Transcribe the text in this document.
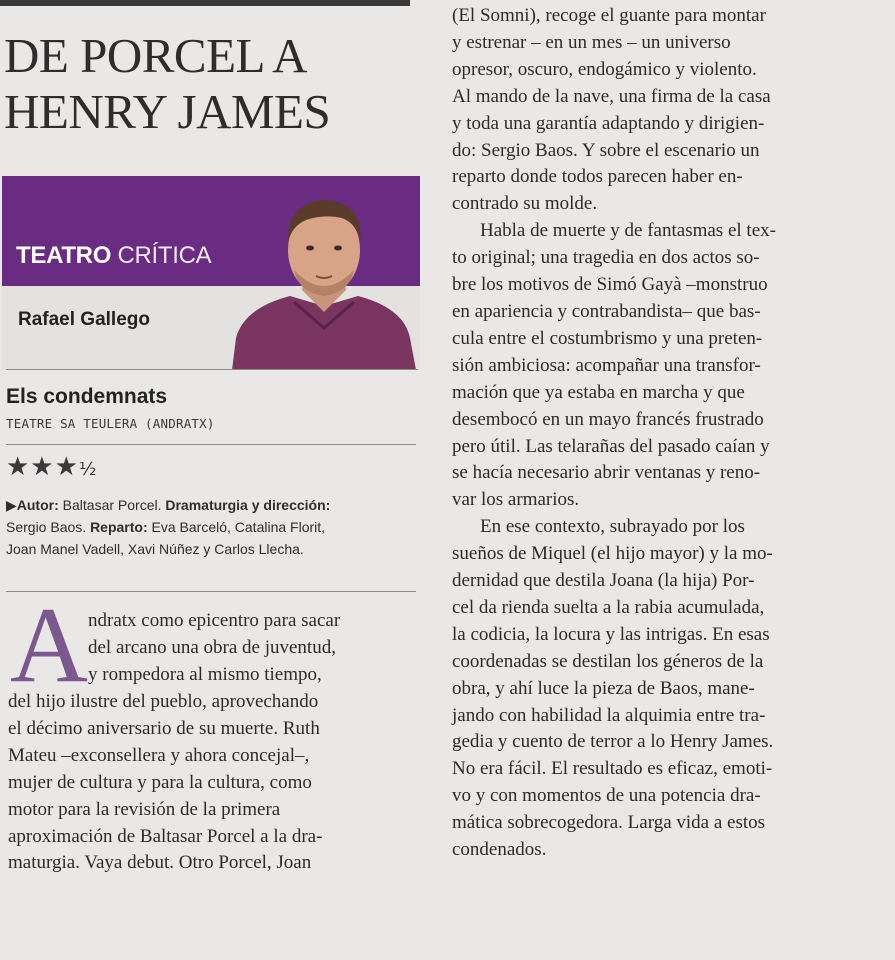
DE PORCEL A
HENRY JAMES
TEATRO CRÍTICA
Rafael Gallego
Els condemnats
TEATRE SA TEULERA (ANDRATX)
★★★½
▶Autor: Baltasar Porcel. Dramaturgia y dirección:
Sergio Baos. Reparto: Eva Barceló, Catalina Florit,
Joan Manel Vadell, Xavi Núñez y Carlos Llecha.
A ndratx como epicentro para sacar
del arcano una obra de juventud,
y rompedora al mismo tiempo,
del hijo ilustre del pueblo, aprovechando
el décimo aniversario de su muerte. Ruth
Mateu –exconsellera y ahora concejal–,
mujer de cultura y para la cultura, como
motor para la revisión de la primera
aproximación de Baltasar Porcel a la dra-
maturgia. Vaya debut. Otro Porcel, Joan
(El Somni), recoge el guante para montar
y estrenar – en un mes – un universo
opresor, oscuro, endogámico y violento.
Al mando de la nave, una firma de la casa
y toda una garantía adaptando y dirigien-
do: Sergio Baos. Y sobre el escenario un
reparto donde todos parecen haber en-
contrado su molde.
Habla de muerte y de fantasmas el tex-
to original; una tragedia en dos actos so-
bre los motivos de Simó Gayà –monstruo
en apariencia y contrabandista– que bas-
cula entre el costumbrismo y una preten-
sión ambiciosa: acompañar una transfor-
mación que ya estaba en marcha y que
desembocó en un mayo francés frustrado
pero útil. Las telarañas del pasado caían y
se hacía necesario abrir ventanas y reno-
var los armarios.
En ese contexto, subrayado por los
sueños de Miquel (el hijo mayor) y la mo-
dernidad que destila Joana (la hija) Por-
cel da rienda suelta a la rabia acumulada,
la codicia, la locura y las intrigas. En esas
coordenadas se destilan los géneros de la
obra, y ahí luce la pieza de Baos, mane-
jando con habilidad la alquimia entre tra-
gedia y cuento de terror a lo Henry James.
No era fácil. El resultado es eficaz, emoti-
vo y con momentos de una potencia dra-
mática sobrecogedora. Larga vida a estos
condenados.
